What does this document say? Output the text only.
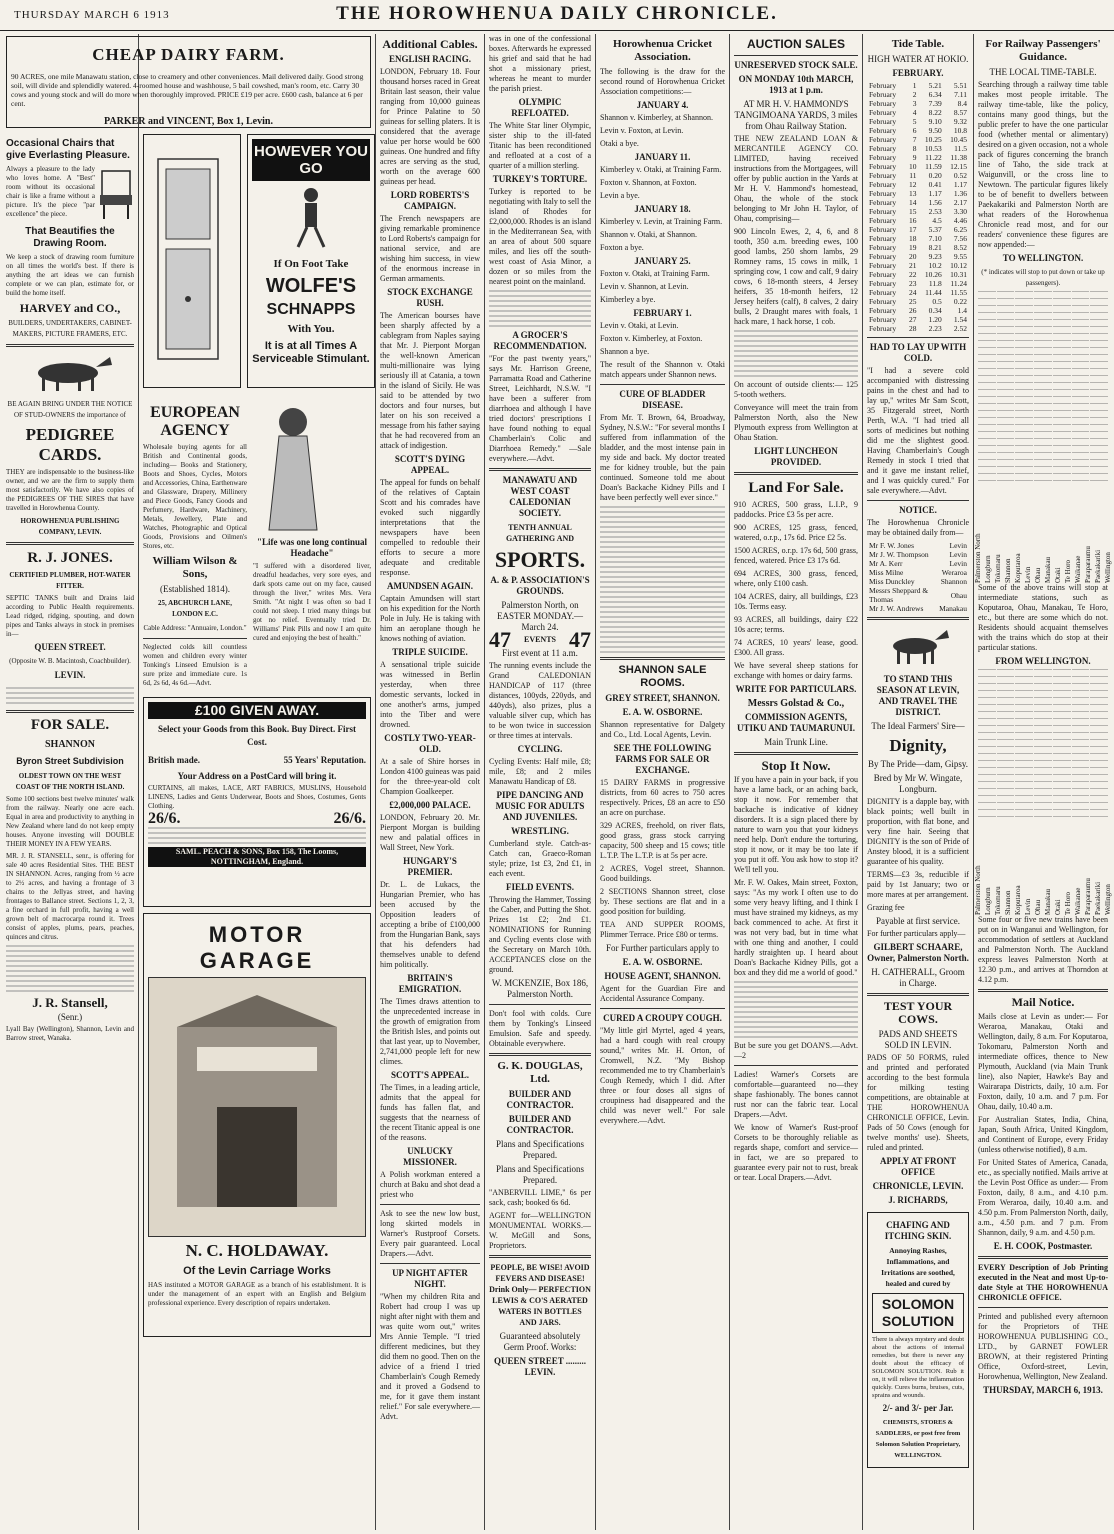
THURSDAY MARCH 6 1913	THE HOROWHENUA DAILY CHRONICLE.
CHEAP DAIRY FARM.

90 ACRES, one mile Manawatu station, close to creamery and other conveniences. Mail delivered daily. Good strong soil, will divide and splendidly watered. 4-roomed house and washhouse, 5 bail cowshed, man's room, etc. Carry 30 cows and young stock and will do more when thoroughly improved. PRICE £19 per acre. £600 cash, balance at 6 per cent.

PARKER and VINCENT, Box 1, Levin.
Occasional Chairs that give Everlasting Pleasure.

Always a pleasure to the lady who loves home. A "Best" room without its occasional chair is like a frame without a picture. It's the piece "par excellence" the piece.

That Beautifies the Drawing Room.

We keep a stock of drawing room furniture on all times the world's best. If there is anything the art ideas we can furnish complete or we can plan, estimate for, or build the home itself.

HARVEY and CO.,
BUILDERS, UNDERTAKERS, CABINET-MAKERS, PICTURE FRAMERS, ETC.
BE AGAIN BRING UNDER THE NOTICE OF STUD-OWNERS the importance of
PEDIGREE CARDS.

THEY are indispensable to the business-like owner, and we are the firm to supply them most satisfactorily. We have also copies of the PEDIGREES OF THE SIRES that have travelled in Horowhenua County.

HOROWHENUA PUBLISHING COMPANY, LEVIN.
R. J. JONES.
CERTIFIED PLUMBER, HOT-WATER FITTER.

SEPTIC TANKS built and Drains laid according to Public Health requirements. Lead ridged, ridging, spouting, and down pipes and Tanks always in stock in premises in—

QUEEN STREET.
(Opposite W. B. Macintosh, Coachbuilder).
LEVIN.
FOR SALE.
SHANNON
Byron Street Subdivision
OLDEST TOWN ON THE WEST COAST OF THE NORTH ISLAND.

Some 100 sections best twelve minutes' walk from the railway. Nearly one acre each. Equal in area and productivity to anything in New Zealand where land do not keep empty houses. Anyone investing will DOUBLE THEIR MONEY IN A FEW YEARS.

MR. J. R. STANSELL, senr., is offering for sale 40 acres Residential Sites. THE BEST IN SHANNON. Acres, ranging from ½ acre to 2½ acres, and having a frontage of 3 chains to the Jellyas street, and having frontages to Ballance street. Sections 1, 2, 3, a fine orchard in full profit, having a well grown belt of macrocarpa round it. Trees consist of apples, plums, pears, peaches, quinces and citrus.

J. R. Stansell,
(Senr.)

Lyall Bay (Wellington), Shannon, Levin and Barrow street, Wanaka.

HOWEVER YOU GO
If On Foot Take
WOLFE'S
SCHNAPPS
With You.
It is at all Times A Serviceable Stimulant.
EUROPEAN AGENCY

Wholesale buying agents for all British and Continental goods, including— Books and Stationery, Boots and Shoes, Cycles, Motors and Accessories, China, Earthenware and Glassware, Drapery, Millinery and Piece Goods, Fancy Goods and Perfumery, Hardware, Machinery, Metals, Jewellery, Plate and Watches, Photographic and Optical Goods, Provisions and Oilmen's Stores, etc.

William Wilson & Sons,
(Established 1814).
25, ABCHURCH LANE, LONDON E.C.
Cable Address: "Annuaire, London."

Neglected colds kill countless women and children every winter Tonking's Linseed Emulsion is a sure prize and immediate cure. 1s 6d, 2s 6d, 4s 6d.—Advt.

"Life was one long continual Headache"

"I suffered with a disordered liver, dreadful headaches, very sore eyes, and dark spots came out on my face, caused through the liver," writes Mrs. Vera Smith. "At night I was often so bad I could not sleep. I tried many things but got no relief. Eventually tried Dr. Williams' Pink Pills and now I am quite cured and enjoying the best of health."

£100 GIVEN AWAY.
Select your Goods from this Book. Buy Direct. First Cost.
British made.	55 Years' Reputation.
Your Address on a PostCard will bring it.

CURTAINS, all makes, LACE, ART FABRICS, MUSLINS, Household LINENS, Ladies and Gents Underwear, Boots and Shoes, Costumes, Gents Clothing.

26/6.	26/6.
SAML. PEACH & SONS, Box 158, The Looms, NOTTINGHAM, England.
MOTOR GARAGE
N. C. HOLDAWAY.
Of the Levin Carriage Works

HAS instituted a MOTOR GARAGE as a branch of his establishment. It is under the management of an expert with an English and Belgium professional experience. Every description of repairs undertaken.

Additional Cables.
ENGLISH RACING.

LONDON, February 18. Four thousand horses raced in Great Britain last season, their value ranging from 10,000 guineas for Prince Palatine to 50 guineas for selling platers. It is considered that the average value per horse would be 600 guineas. One hundred and fifty acres are serving as the stud, worth on the average 600 guineas per head.

LORD ROBERTS'S CAMPAIGN.

The French newspapers are giving remarkable prominence to Lord Roberts's campaign for national service, and are wishing him success, in view of the enormous increase in German armaments.

STOCK EXCHANGE RUSH.

The American bourses have been sharply affected by a cablegram from Naples saying that Mr. J. Pierpont Morgan the well-known American multi-millionaire was lying seriously ill at Catania, a town in the island of Sicily. He was said to be attended by two doctors and four nurses, but later on his son received a message from his father saying that he had recovered from an attack of indigestion.

SCOTT'S DYING APPEAL.

The appeal for funds on behalf of the relatives of Captain Scott and his comrades have evoked such niggardly interpretations that the newspapers have been compelled to redouble their efforts to secure a more adequate and creditable response.

AMUNDSEN AGAIN.

Captain Amundsen will start on his expedition for the North Pole in July. He is taking with him an aeroplane though he knows nothing of aviation.

TRIPLE SUICIDE.

A sensational triple suicide was witnessed in Berlin yesterday, when three domestic servants, locked in one another's arms, jumped into the Tiber and were drowned.

COSTLY TWO-YEAR-OLD.

At a sale of Shire horses in London 4100 guineas was paid for the three-year-old colt Champion Goalkeeper.

£2,000,000 PALACE.

LONDON, February 20. Mr. Pierpont Morgan is building new and palatial offices in Wall Street, New York.

HUNGARY'S PREMIER.

Dr. L. de Lukacs, the Hungarian Premier, who has been accused by the Opposition leaders of accepting a bribe of £100,000 from the Hungarian Bank, says that his defenders had themselves unable to defend him politically.

BRITAIN'S EMIGRATION.

The Times draws attention to the unprecedented increase in the growth of emigration from the British Isles, and points out that last year, up to November, 2,741,000 people left for new climes.

SCOTT'S APPEAL.

The Times, in a leading article, admits that the appeal for funds has fallen flat, and suggests that the nearness of the recent Titanic appeal is one of the reasons.

UNLUCKY MISSIONER.

A Polish workman entered a church at Baku and shot dead a priest who

Ask to see the new low bust, long skirted models in Warner's Rustproof Corsets. Every pair guaranteed. Local Drapers.—Advt.

UP NIGHT AFTER NIGHT.

"When my children Rita and Robert had croup I was up night after night with them and was quite worn out," writes Mrs Annie Temple. "I tried different medicines, but they did them no good. Then on the advice of a friend I tried Chamberlain's Cough Remedy and it proved a Godsend to me, for it gave them instant relief." For sale everywhere.—Advt.

was in one of the confessional boxes. Afterwards he expressed his grief and said that he had shot a missionary priest, whereas he meant to murder the parish priest.

OLYMPIC REFLOATED.

The White Star liner Olympic, sister ship to the ill-fated Titanic has been reconditioned and refloated at a cost of a quarter of a million sterling.

TURKEY'S TORTURE.

Turkey is reported to be negotiating with Italy to sell the island of Rhodes for £2,000,000. Rhodes is an island in the Mediterranean Sea, with an area of about 500 square miles, and lies off the south-west coast of Asia Minor, a dozen or so miles from the nearest point on the mainland.

A GROCER'S RECOMMENDATION.

"For the past twenty years," says Mr. Harrison Greene, Parramatta Road and Catherine Street, Leichhardt, N.S.W. "I have been a sufferer from diarrhoea and although I have tried doctors' prescriptions I have found nothing to equal Chamberlain's Colic and Diarrhoea Remedy." —Sale everywhere.—Advt.

MANAWATU AND WEST COAST CALEDONIAN SOCIETY.
TENTH ANNUAL GATHERING AND
SPORTS.
A. & P. ASSOCIATION'S GROUNDS.
Palmerston North, on EASTER MONDAY.—March 24.
47 EVENTS 47
First event at 11 a.m.

The running events include the Grand CALEDONIAN HANDICAP of 117 (three distances, 100yds, 220yds, and 440yds), also prizes, plus a valuable silver cup, which has to be won twice in succession or three times at intervals.

CYCLING.

Cycling Events: Half mile, £8; mile, £8; and 2 miles Manawatu Handicap of £8.

PIPE DANCING AND MUSIC FOR ADULTS AND JUVENILES.
WRESTLING.

Cumberland style. Catch-as-Catch can, Graeco-Roman style; prize, 1st £3, 2nd £1, in each event.

FIELD EVENTS.

Throwing the Hammer, Tossing the Caber, and Putting the Shot. Prizes 1st £2; 2nd £1. NOMINATIONS for Running and Cycling events close with the Secretary on March 10th. ACCEPTANCES close on the ground.

W. MCKENZIE, Box 186, Palmerston North.

Don't fool with colds. Cure them by Tonking's Linseed Emulsion. Safe and speedy. Obtainable everywhere.

G. K. DOUGLAS, Ltd.
BUILDER AND CONTRACTOR.
BUILDER AND CONTRACTOR.
Plans and Specifications Prepared.
Plans and Specifications Prepared.

"ANBERVILL LIME," 6s per sack, cash; booked 6s 6d.

AGENT for—WELLINGTON MONUMENTAL WORKS.—W. McGill and Sons, Proprietors.

PEOPLE, BE WISE! AVOID FEVERS AND DISEASE! Drink Only— PERFECTION LEWIS & CO'S AERATED WATERS IN BOTTLES AND JARS.
Guaranteed absolutely Germ Proof. Works:
QUEEN STREET ......... LEVIN.
Horowhenua Cricket Association.

The following is the draw for the second round of Horowhenua Cricket Association competitions:—

JANUARY 4.

Shannon v. Kimberley, at Shannon.

Levin v. Foxton, at Levin.

Otaki a bye.

JANUARY 11.

Kimberley v. Otaki, at Training Farm.

Foxton v. Shannon, at Foxton.

Levin a bye.

JANUARY 18.

Kimberley v. Levin, at Training Farm.

Shannon v. Otaki, at Shannon.

Foxton a bye.

JANUARY 25.

Foxton v. Otaki, at Training Farm.

Levin v. Shannon, at Levin.

Kimberley a bye.

FEBRUARY 1.

Levin v. Otaki, at Levin.

Foxton v. Kimberley, at Foxton.

Shannon a bye.

The result of the Shannon v. Otaki match appears under Shannon news.

CURE OF BLADDER DISEASE.

From Mr. T. Brown, 64, Broadway, Sydney, N.S.W.: "For several months I suffered from inflammation of the bladder, and the most intense pain in my side and back. My doctor treated me for kidney trouble, but the pain continued. Someone told me about Doan's Backache Kidney Pills and I have been perfectly well ever since."

SHANNON SALE ROOMS.
GREY STREET, SHANNON.
E. A. W. OSBORNE.

Shannon representative for Dalgety and Co., Ltd. Local Agents, Levin.

SEE THE FOLLOWING FARMS FOR SALE OR EXCHANGE.

15 DAIRY FARMS in progressive districts, from 60 acres to 750 acres respectively. Prices, £8 an acre to £50 an acre on purchase.

329 ACRES, freehold, on river flats, good grass, grass stock carrying capacity, 500 sheep and 15 cows; title L.T.P. The L.T.P. is at 5s per acre.

2 ACRES, Vogel street, Shannon. Good buildings.

2 SECTIONS Shannon street, close by. These sections are flat and in a good position for building.

TEA AND SUPPER ROOMS, Plimmer Terrace. Price £80 or terms.

For Further particulars apply to
E. A. W. OSBORNE.
HOUSE AGENT, SHANNON.

Agent for the Guardian Fire and Accidental Assurance Company.

CURED A CROUPY COUGH.

"My little girl Myrtel, aged 4 years, had a hard cough with real croupy sound," writes Mr. H. Orton, of Cromwell, N.Z. "My Bishop recommended me to try Chamberlain's Cough Remedy, which I did. After three or four doses all signs of croupiness had disappeared and the child was never well." For sale everywhere.—Advt.

AUCTION SALES
UNRESERVED STOCK SALE.
ON MONDAY 10th MARCH, 1913 at 1 p.m.
AT MR H. V. HAMMOND'S TANGIMOANA YARDS, 3 miles from Ohau Railway Station.

THE NEW ZEALAND LOAN & MERCANTILE AGENCY CO. LIMITED, having received instructions from the Mortgagees, will offer by public auction in the Yards at Mr H. V. Hammond's homestead, Ohau, the whole of the stock belonging to Mr John H. Taylor, of Ohau, comprising—

900 Lincoln Ewes, 2, 4, 6, and 8 tooth, 350 a.m. breeding ewes, 100 good lambs, 250 shorn lambs, 29 Romney rams, 15 cows in milk, 1 springing cow, 1 cow and calf, 9 dairy cows, 6 18-month steers, 4 Jersey heifers, 35 18-month heifers, 12 Jersey heifers (calf), 8 calves, 2 dairy bulls, 2 Draught mares with foals, 1 hack mare, 1 hack horse, 1 cob.

On account of outside clients:— 125 5-tooth wethers.

Conveyance will meet the train from Palmerston North, also the New Plymouth express from Wellington at Ohau Station.

LIGHT LUNCHEON PROVIDED.
Land For Sale.

910 ACRES, 500 grass, L.I.P., 9 paddocks. Price £3 5s per acre.

900 ACRES, 125 grass, fenced, watered, o.r.p., 17s 6d. Price £2 5s.

1500 ACRES, o.r.p. 17s 6d, 500 grass, fenced, watered. Price £3 17s 6d.

694 ACRES, 300 grass, fenced, where, only £100 cash.

104 ACRES, dairy, all buildings, £23 10s. Terms easy.

93 ACRES, all buildings, dairy £22 10s acre; terms.

74 ACRES, 10 years' lease, good. £300. All grass.

We have several sheep stations for exchange with homes or dairy farms.

WRITE FOR PARTICULARS.
Messrs Golstad & Co.,
COMMISSION AGENTS, UTIKU AND TAUMARUNUI.
Main Trunk Line.
Stop It Now.

If you have a pain in your back, if you have a lame back, or an aching back, stop it now. For remember that backache is indicative of kidney disorders. It is a sign placed there by nature to warn you that your kidneys need help. Don't endure the torturing, stop it now, or it may be too late if you put it off. You ask how to stop it? We'll tell you.

Mr. F. W. Oakes, Main street, Foxton, says: "As my work I often use to do some very heavy lifting, and I think I must have strained my kidneys, as my back commenced to ache. At first it was not very bad, but in time what with one thing and another, I could hardly straighten up. I heard about Doan's Backache Kidney Pills, got a box and they did me a world of good."

But be sure you get DOAN'S.—Advt.—2

Ladies! Warner's Corsets are comfortable—guaranteed no—they shape fashionably. The bones cannot rust nor can the fabric tear. Local Drapers.—Advt.

We know of Warner's Rust-proof Corsets to be thoroughly reliable as regards shape, comfort and service—in fact, we are so prepared to guarantee every pair not to rust, break or tear. Local Drapers.—Advt.

Tide Table.
HIGH WATER AT HOKIO.
FEBRUARY.
February	1	5.21	5.51
February	2	6.34	7.11
February	3	7.39	8.4
February	4	8.22	8.57
February	5	9.10	9.32
February	6	9.50	10.8
February	7	10.25	10.45
February	8	10.53	11.5
February	9	11.22	11.38
February	10	11.59	12.15
February	11	0.20	0.52
February	12	0.41	1.17
February	13	1.17	1.36
February	14	1.56	2.17
February	15	2.53	3.30
February	16	4.5	4.46
February	17	5.37	6.25
February	18	7.10	7.56
February	19	8.21	8.52
February	20	9.23	9.55
February	21	10.2	10.12
February	22	10.26	10.31
February	23	11.8	11.24
February	24	11.44	11.55
February	25	0.5	0.22
February	26	0.34	1.4
February	27	1.20	1.54
February	28	2.23	2.52
HAD TO LAY UP WITH COLD.

"I had a severe cold accompanied with distressing pains in the chest and had to lay up," writes Mr Sam Scott, 35 Fitzgerald street, North Perth, W.A. "I had tried all sorts of medicines but nothing did me the slightest good. Having Chamberlain's Cough Remedy in stock I tried that and it gave me instant relief, and I was quickly cured." For sale everywhere.—Advt.

NOTICE.

The Horowhenua Chronicle may be obtained daily from—

Mr F. W. Jones	Levin
Mr J. W. Thompson	Levin
Mr A. Kerr	Levin
Miss Milne	Weraroa
Miss Dunckley	Shannon
Messrs Sheppard & Thomas	Ohau
Mr J. W. Andrews	Manakau
TO STAND THIS SEASON AT LEVIN, AND TRAVEL THE DISTRICT.
The Ideal Farmers' Sire—
Dignity,
By The Pride—dam, Gipsy.
Bred by Mr W. Wingate, Longburn.

DIGNITY is a dapple bay, with black points; well built in proportion, with flat bone, and very fine hair. Seeing that DIGNITY is the son of Pride of Anstey blood, it is a sufficient guarantee of his quality.

TERMS—£3 3s, reducible if paid by 1st January; two or more mares at per arrangement.

Grazing fee

Payable at first service.

For further particulars apply—

GILBERT SCHAARE, Owner, Palmerston North.
H. CATHERALL, Groom in Charge.
TEST YOUR COWS.
PADS AND SHEETS SOLD IN LEVIN.

PADS OF 50 FORMS, ruled and printed and perforated according to the best formula for milking testing competitions, are obtainable at THE HOROWHENUA CHRONICLE OFFICE, Levin. Pads of 50 Cows (enough for twelve months' use). Sheets, ruled and printed.

APPLY AT FRONT OFFICE
CHRONICLE, LEVIN.
J. RICHARDS,
CHAFING AND ITCHING SKIN.
Annoying Rashes, Inflammations, and Irritations are soothed, healed and cured by
SOLOMON SOLUTION

There is always mystery and doubt about the actions of internal remedies, but there is never any doubt about the efficacy of SOLOMON SOLUTION. Rub it on, it will relieve the inflammation quickly. Cures burns, bruises, cuts, sprains and wounds.

2/- and 3/- per Jar.
CHEMISTS, STORES & SADDLERS, or post free from Solomon Solution Proprietary, WELLINGTON.
For Railway Passengers' Guidance.
THE LOCAL TIME-TABLE.

Searching through a railway time table makes most people irritable. The railway time-table, like the policy, contains many good things, but the public prefer to have the one particular food (whether mental or alimentary) desired on a given occasion, not a whole pack of figures concerning the branch line of Taho, the side track at Waigunvill, or the cross line to Newtown. The particular figures likely to be of benefit to dwellers between Paekakariki and Palmerston North are what readers of the Horowhenua Chronicle read most, and for our readers' convenience these figures are now appended:—

TO WELLINGTON.
(* indicates will stop to put down or take up passengers).
Palmerston North Longburn Tokomaru Shannon Koputaroa Levin Ohau Manakau Otaki Te Horo Waikanae Paraparaumu Paekakariki Wellington

Some of the above trains will stop at intermediate stations, such as Koputaroa, Ohau, Manakau, Te Horo, etc., but there are some which do not. Residents should acquaint themselves with the trains which do stop at their particular stations.

FROM WELLINGTON.
Palmerston North Longburn Tokomaru Shannon Koputaroa Levin Ohau Manakau Otaki Te Horo Waikanae Paraparaumu Paekakariki Wellington

Some four or five new trains have been put on in Wanganui and Wellington, for accommodation of settlers at Auckland and Palmerston North. The Auckland express leaves Palmerston North at 12.30 p.m., and arrives at Thorndon at 4.12 p.m.

Mail Notice.

Mails close at Levin as under:— For Weraroa, Manakau, Otaki and Wellington, daily, 8 a.m. For Koputaroa, Tokomaru, Palmerston North and intermediate offices, thence to New Plymouth, Auckland (via Main Trunk line), also Napier, Hawke's Bay and Wairarapa Districts, daily, 10 a.m. For Foxton, daily, 10 a.m. and 7 p.m. For Ohau, daily, 10.40 a.m.

For Australian States, India, China, Japan, South Africa, United Kingdom, and Continent of Europe, every Friday (unless otherwise notified), 8 a.m.

For United States of America, Canada, etc., as specially notified. Mails arrive at the Levin Post Office as under:— From Foxton, daily, 8 a.m., and 4.10 p.m. From Weraroa, daily, 10.40 a.m. and 4.50 p.m. From Palmerston North, daily, a.m., 4.50 p.m. and 7 p.m. From Shannon, daily, 9 a.m. and 4.50 p.m.

E. H. COOK, Postmaster.

EVERY Description of Job Printing executed in the Neat and most Up-to-date Style at THE HOROWHENUA CHRONICLE OFFICE.

Printed and published every afternoon for the Proprietors of THE HOROWHENUA PUBLISHING CO., LTD., by GARNET FOWLER BROWN, at their registered Printing Office, Oxford-street, Levin, Horowhenua, Wellington, New Zealand.

THURSDAY, MARCH 6, 1913.
